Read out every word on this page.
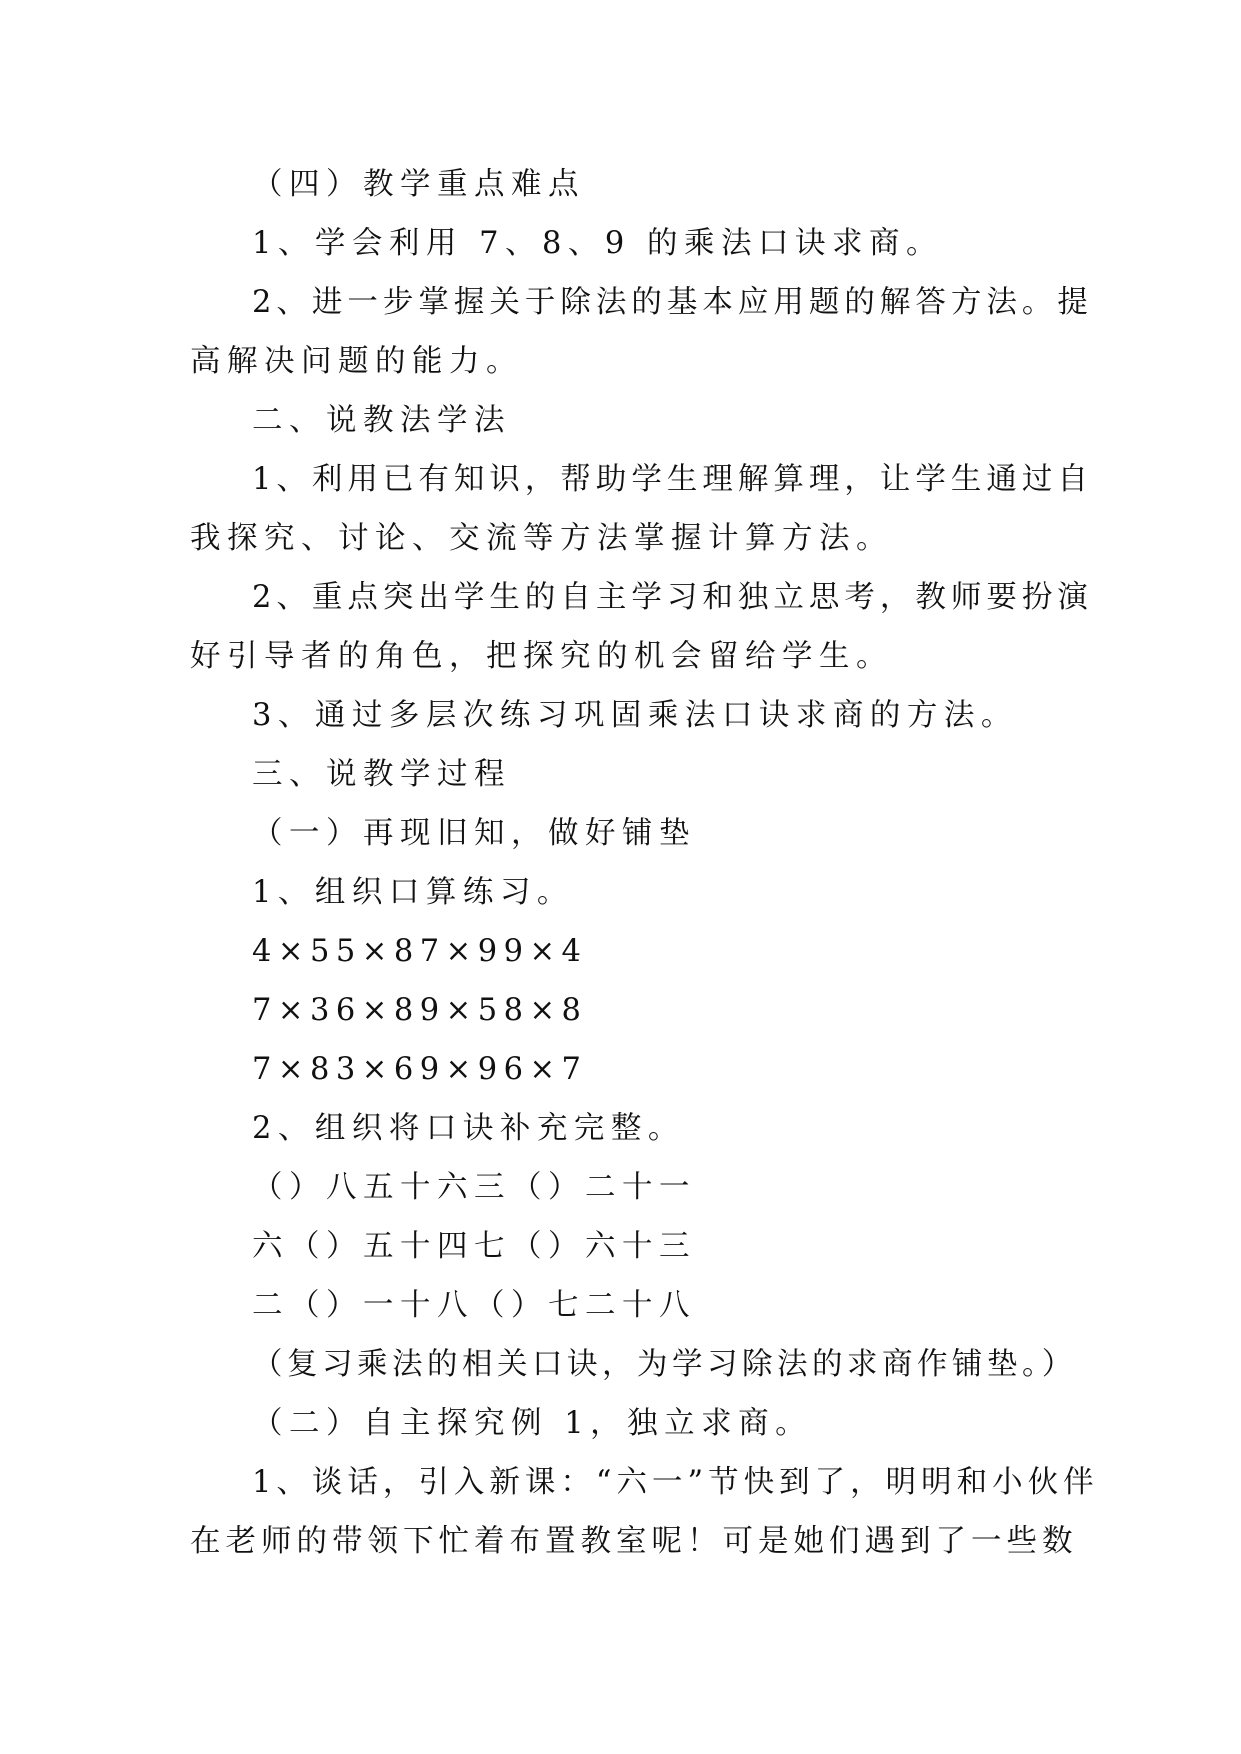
（四）教学重点难点
1、学会利用 7、8、9 的乘法口诀求商。
2、进一步掌握关于除法的基本应用题的解答方法。提
高解决问题的能力。
二、说教法学法
1、利用已有知识，帮助学生理解算理，让学生通过自
我探究、讨论、交流等方法掌握计算方法。
2、重点突出学生的自主学习和独立思考，教师要扮演
好引导者的角色，把探究的机会留给学生。
3、通过多层次练习巩固乘法口诀求商的方法。
三、说教学过程
（一）再现旧知，做好铺垫
1、组织口算练习。
4×55×87×99×4
7×36×89×58×8
7×83×69×96×7
2、组织将口诀补充完整。
（）八五十六三（）二十一
六（）五十四七（）六十三
二（）一十八（）七二十八
（复习乘法的相关口诀，为学习除法的求商作铺垫。）
（二）自主探究例 1，独立求商。
1、谈话，引入新课：“六一”节快到了，明明和小伙伴
在老师的带领下忙着布置教室呢！可是她们遇到了一些数
